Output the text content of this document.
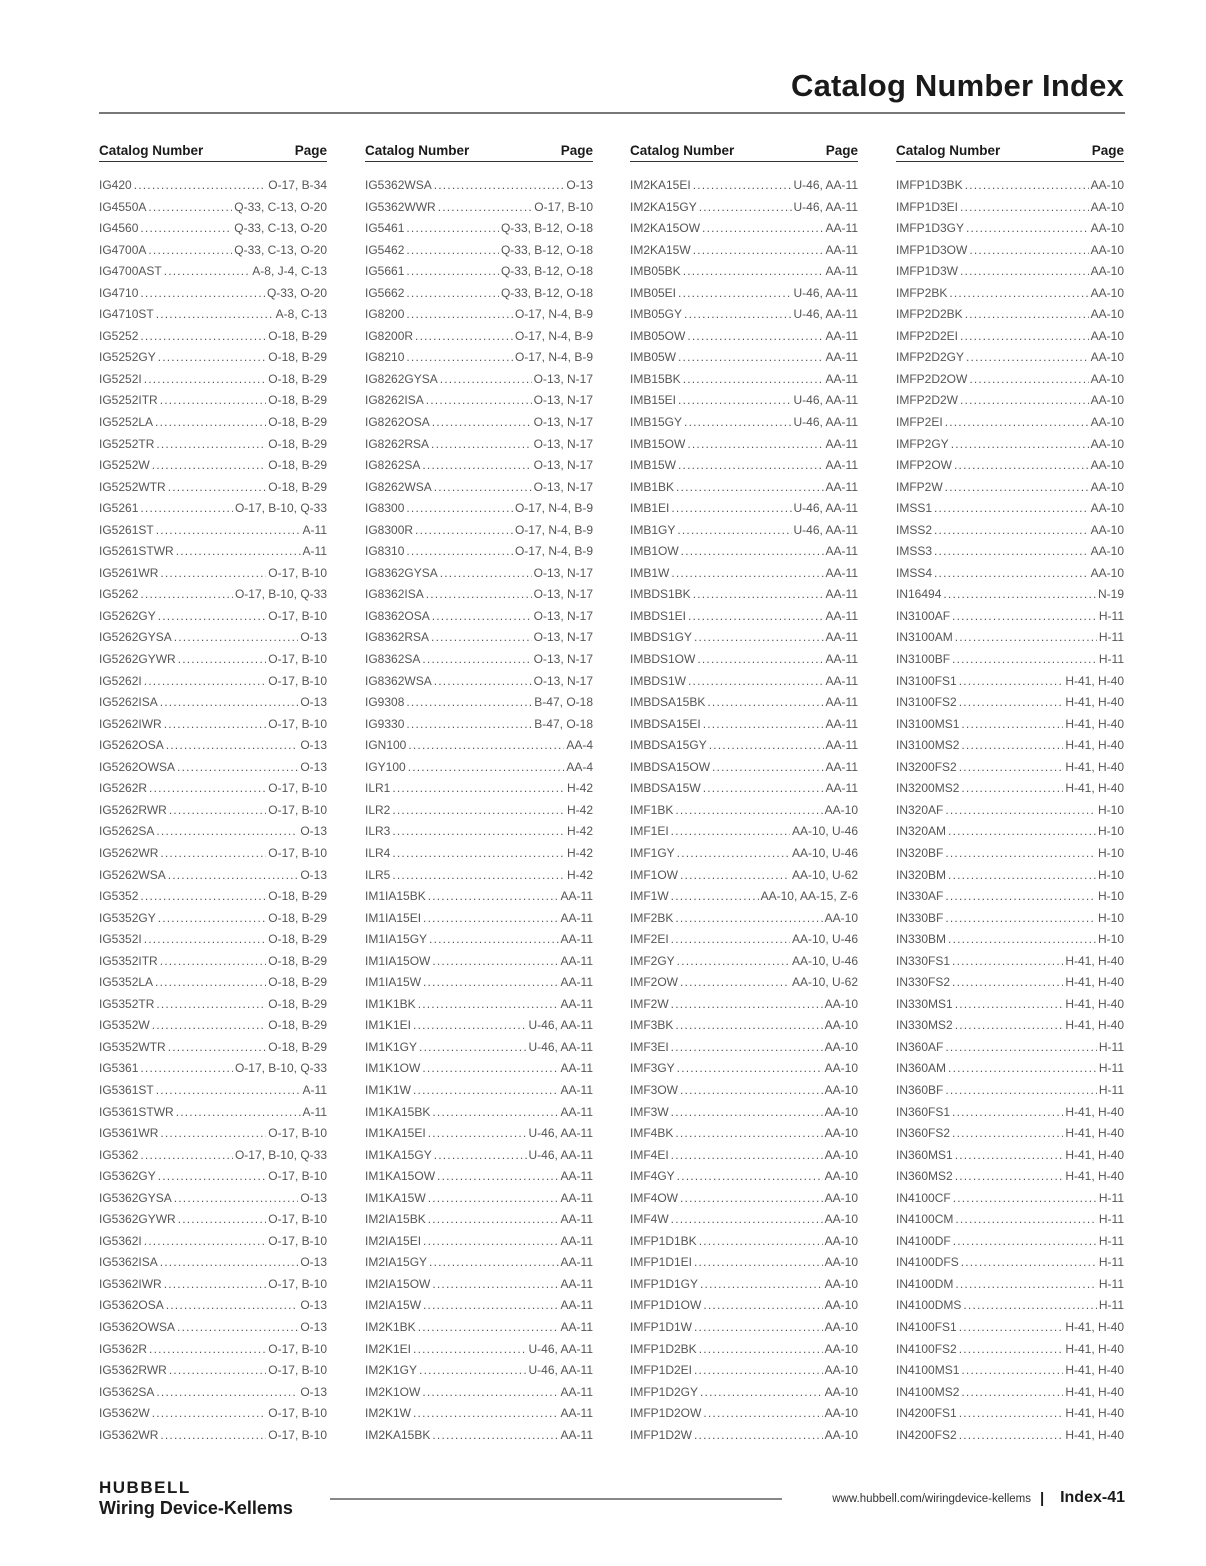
Catalog Number Index
Catalog Number	Page
IG420 .....	O-17, B-34
IG4550A .....	Q-33, C-13, O-20
IG4560 .....	Q-33, C-13, O-20
IG4700A .....	Q-33, C-13, O-20
IG4700AST .....	A-8, J-4, C-13
IG4710 .....	Q-33, O-20
IG4710ST .....	A-8, C-13
IG5252 .....	O-18, B-29
IG5252GY .....	O-18, B-29
IG5252I .....	O-18, B-29
IG5252ITR .....	O-18, B-29
IG5252LA .....	O-18, B-29
IG5252TR .....	O-18, B-29
IG5252W .....	O-18, B-29
IG5252WTR .....	O-18, B-29
IG5261 .....	O-17, B-10, Q-33
IG5261ST .....	A-11
IG5261STWR .....	A-11
IG5261WR .....	O-17, B-10
IG5262 .....	O-17, B-10, Q-33
IG5262GY .....	O-17, B-10
IG5262GYSA .....	O-13
IG5262GYWR .....	O-17, B-10
IG5262I .....	O-17, B-10
IG5262ISA .....	O-13
IG5262IWR .....	O-17, B-10
IG5262OSA .....	O-13
IG5262OWSA .....	O-13
IG5262R .....	O-17, B-10
IG5262RWR .....	O-17, B-10
IG5262SA .....	O-13
IG5262WR .....	O-17, B-10
IG5262WSA .....	O-13
IG5352 .....	O-18, B-29
IG5352GY .....	O-18, B-29
IG5352I .....	O-18, B-29
IG5352ITR .....	O-18, B-29
IG5352LA .....	O-18, B-29
IG5352TR .....	O-18, B-29
IG5352W .....	O-18, B-29
IG5352WTR .....	O-18, B-29
IG5361 .....	O-17, B-10, Q-33
IG5361ST .....	A-11
IG5361STWR .....	A-11
IG5361WR .....	O-17, B-10
IG5362 .....	O-17, B-10, Q-33
IG5362GY .....	O-17, B-10
IG5362GYSA .....	O-13
IG5362GYWR .....	O-17, B-10
IG5362I .....	O-17, B-10
IG5362ISA .....	O-13
IG5362IWR .....	O-17, B-10
IG5362OSA .....	O-13
IG5362OWSA .....	O-13
IG5362R .....	O-17, B-10
IG5362RWR .....	O-17, B-10
IG5362SA .....	O-13
IG5362W .....	O-17, B-10
IG5362WR .....	O-17, B-10
Catalog Number	Page
IG5362WSA .....	O-13
IG5362WWR .....	O-17, B-10
IG5461 .....	Q-33, B-12, O-18
IG5462 .....	Q-33, B-12, O-18
IG5661 .....	Q-33, B-12, O-18
IG5662 .....	Q-33, B-12, O-18
IG8200 .....	O-17, N-4, B-9
IG8200R .....	O-17, N-4, B-9
IG8210 .....	O-17, N-4, B-9
IG8262GYSA .....	O-13, N-17
IG8262ISA .....	O-13, N-17
IG8262OSA .....	O-13, N-17
IG8262RSA .....	O-13, N-17
IG8262SA .....	O-13, N-17
IG8262WSA .....	O-13, N-17
IG8300 .....	O-17, N-4, B-9
IG8300R .....	O-17, N-4, B-9
IG8310 .....	O-17, N-4, B-9
IG8362GYSA .....	O-13, N-17
IG8362ISA .....	O-13, N-17
IG8362OSA .....	O-13, N-17
IG8362RSA .....	O-13, N-17
IG8362SA .....	O-13, N-17
IG8362WSA .....	O-13, N-17
IG9308 .....	B-47, O-18
IG9330 .....	B-47, O-18
IGN100 .....	AA-4
IGY100 .....	AA-4
ILR1 .....	H-42
ILR2 .....	H-42
ILR3 .....	H-42
ILR4 .....	H-42
ILR5 .....	H-42
IM1IA15BK .....	AA-11
IM1IA15EI .....	AA-11
IM1IA15GY .....	AA-11
IM1IA15OW .....	AA-11
IM1IA15W .....	AA-11
IM1K1BK .....	AA-11
IM1K1EI .....	U-46, AA-11
IM1K1GY .....	U-46, AA-11
IM1K1OW .....	AA-11
IM1K1W .....	AA-11
IM1KA15BK .....	AA-11
IM1KA15EI .....	U-46, AA-11
IM1KA15GY .....	U-46, AA-11
IM1KA15OW .....	AA-11
IM1KA15W .....	AA-11
IM2IA15BK .....	AA-11
IM2IA15EI .....	AA-11
IM2IA15GY .....	AA-11
IM2IA15OW .....	AA-11
IM2IA15W .....	AA-11
IM2K1BK .....	AA-11
IM2K1EI .....	U-46, AA-11
IM2K1GY .....	U-46, AA-11
IM2K1OW .....	AA-11
IM2K1W .....	AA-11
IM2KA15BK .....	AA-11
Catalog Number	Page
IM2KA15EI .....	U-46, AA-11
IM2KA15GY .....	U-46, AA-11
IM2KA15OW .....	AA-11
IM2KA15W .....	AA-11
IMB05BK .....	AA-11
IMB05EI .....	U-46, AA-11
IMB05GY .....	U-46, AA-11
IMB05OW .....	AA-11
IMB05W .....	AA-11
IMB15BK .....	AA-11
IMB15EI .....	U-46, AA-11
IMB15GY .....	U-46, AA-11
IMB15OW .....	AA-11
IMB15W .....	AA-11
IMB1BK .....	AA-11
IMB1EI .....	U-46, AA-11
IMB1GY .....	U-46, AA-11
IMB1OW .....	AA-11
IMB1W .....	AA-11
IMBDS1BK .....	AA-11
IMBDS1EI .....	AA-11
IMBDS1GY .....	AA-11
IMBDS1OW .....	AA-11
IMBDS1W .....	AA-11
IMBDSA15BK .....	AA-11
IMBDSA15EI .....	AA-11
IMBDSA15GY .....	AA-11
IMBDSA15OW .....	AA-11
IMBDSA15W .....	AA-11
IMF1BK .....	AA-10
IMF1EI .....	AA-10, U-46
IMF1GY .....	AA-10, U-46
IMF1OW .....	AA-10, U-62
IMF1W .....	AA-10, AA-15, Z-6
IMF2BK .....	AA-10
IMF2EI .....	AA-10, U-46
IMF2GY .....	AA-10, U-46
IMF2OW .....	AA-10, U-62
IMF2W .....	AA-10
IMF3BK .....	AA-10
IMF3EI .....	AA-10
IMF3GY .....	AA-10
IMF3OW .....	AA-10
IMF3W .....	AA-10
IMF4BK .....	AA-10
IMF4EI .....	AA-10
IMF4GY .....	AA-10
IMF4OW .....	AA-10
IMF4W .....	AA-10
IMFP1D1BK .....	AA-10
IMFP1D1EI .....	AA-10
IMFP1D1GY .....	AA-10
IMFP1D1OW .....	AA-10
IMFP1D1W .....	AA-10
IMFP1D2BK .....	AA-10
IMFP1D2EI .....	AA-10
IMFP1D2GY .....	AA-10
IMFP1D2OW .....	AA-10
IMFP1D2W .....	AA-10
Catalog Number	Page
IMFP1D3BK .....	AA-10
IMFP1D3EI .....	AA-10
IMFP1D3GY .....	AA-10
IMFP1D3OW .....	AA-10
IMFP1D3W .....	AA-10
IMFP2BK .....	AA-10
IMFP2D2BK .....	AA-10
IMFP2D2EI .....	AA-10
IMFP2D2GY .....	AA-10
IMFP2D2OW .....	AA-10
IMFP2D2W .....	AA-10
IMFP2EI .....	AA-10
IMFP2GY .....	AA-10
IMFP2OW .....	AA-10
IMFP2W .....	AA-10
IMSS1 .....	AA-10
IMSS2 .....	AA-10
IMSS3 .....	AA-10
IMSS4 .....	AA-10
IN16494 .....	N-19
IN3100AF .....	H-11
IN3100AM .....	H-11
IN3100BF .....	H-11
IN3100FS1 .....	H-41, H-40
IN3100FS2 .....	H-41, H-40
IN3100MS1 .....	H-41, H-40
IN3100MS2 .....	H-41, H-40
IN3200FS2 .....	H-41, H-40
IN3200MS2 .....	H-41, H-40
IN320AF .....	H-10
IN320AM .....	H-10
IN320BF .....	H-10
IN320BM .....	H-10
IN330AF .....	H-10
IN330BF .....	H-10
IN330BM .....	H-10
IN330FS1 .....	H-41, H-40
IN330FS2 .....	H-41, H-40
IN330MS1 .....	H-41, H-40
IN330MS2 .....	H-41, H-40
IN360AF .....	H-11
IN360AM .....	H-11
IN360BF .....	H-11
IN360FS1 .....	H-41, H-40
IN360FS2 .....	H-41, H-40
IN360MS1 .....	H-41, H-40
IN360MS2 .....	H-41, H-40
IN4100CF .....	H-11
IN4100CM .....	H-11
IN4100DF .....	H-11
IN4100DFS .....	H-11
IN4100DM .....	H-11
IN4100DMS .....	H-11
IN4100FS1 .....	H-41, H-40
IN4100FS2 .....	H-41, H-40
IN4100MS1 .....	H-41, H-40
IN4100MS2 .....	H-41, H-40
IN4200FS1 .....	H-41, H-40
IN4200FS2 .....	H-41, H-40
HUBBELL
Wiring Device-Kellems	www.hubbell.com/wiringdevice-kellems | Index-41
